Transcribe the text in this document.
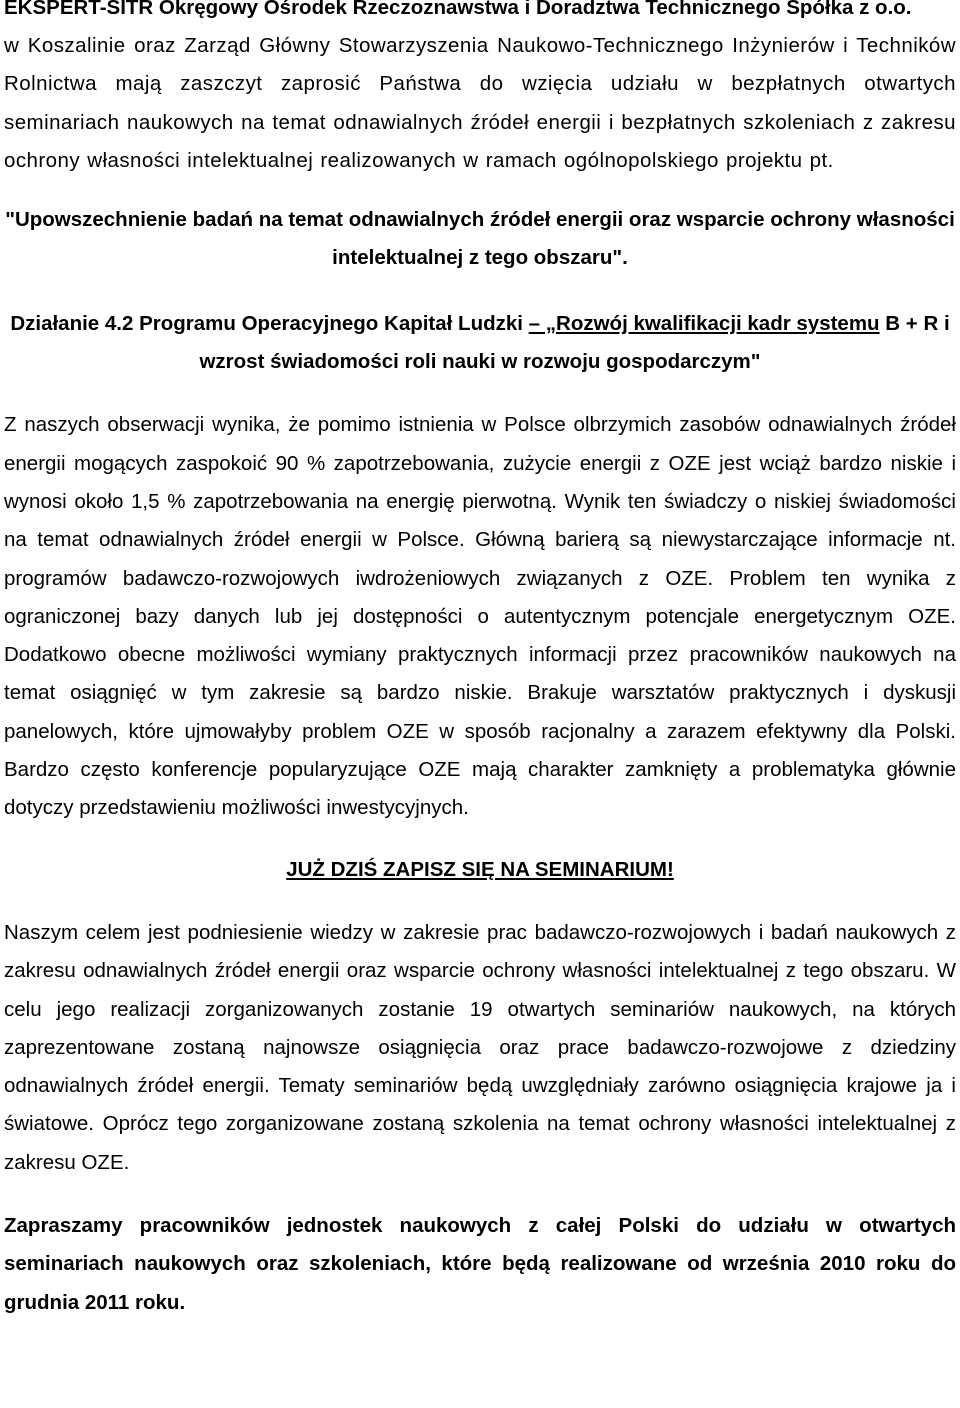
EKSPERT-SITR Okręgowy Ośrodek Rzeczoznawstwa i Doradztwa Technicznego Spółka z o.o.

w Koszalinie oraz Zarząd Główny Stowarzyszenia Naukowo-Technicznego Inżynierów i Techników Rolnictwa mają zaszczyt zaprosić Państwa do wzięcia udziału w bezpłatnych otwartych seminariach naukowych na temat odnawialnych źródeł energii i bezpłatnych szkoleniach z zakresu ochrony własności intelektualnej realizowanych w ramach ogólnopolskiego projektu pt.

"Upowszechnienie badań na temat odnawialnych źródeł energii oraz wsparcie ochrony własności intelektualnej z tego obszaru".

Działanie 4.2 Programu Operacyjnego Kapitał Ludzki – „Rozwój kwalifikacji kadr systemu B + R i wzrost świadomości roli nauki w rozwoju gospodarczym"

Z naszych obserwacji wynika, że pomimo istnienia w Polsce olbrzymich zasobów odnawialnych źródeł energii mogących zaspokoić 90 % zapotrzebowania, zużycie energii z OZE jest wciąż bardzo niskie i wynosi około 1,5 % zapotrzebowania na energię pierwotną. Wynik ten świadczy o niskiej świadomości na temat odnawialnych źródeł energii w Polsce. Główną barierą są niewystarczające informacje nt. programów badawczo-rozwojowych iwdrożeniowych związanych z OZE. Problem ten wynika z ograniczonej bazy danych lub jej dostępności o autentycznym potencjale energetycznym OZE. Dodatkowo obecne możliwości wymiany praktycznych informacji przez pracowników naukowych na temat osiągnięć w tym zakresie są bardzo niskie. Brakuje warsztatów praktycznych i dyskusji panelowych, które ujmowałyby problem OZE w sposób racjonalny a zarazem efektywny dla Polski. Bardzo często konferencje popularyzujące OZE mają charakter zamknięty a problematyka głównie dotyczy przedstawieniu możliwości inwestycyjnych.

JUŻ DZIŚ ZAPISZ SIĘ NA SEMINARIUM!

Naszym celem jest podniesienie wiedzy w zakresie prac badawczo-rozwojowych i badań naukowych z zakresu odnawialnych źródeł energii oraz wsparcie ochrony własności intelektualnej z tego obszaru. W celu jego realizacji zorganizowanych zostanie 19 otwartych seminariów naukowych, na których zaprezentowane zostaną najnowsze osiągnięcia oraz prace badawczo-rozwojowe z dziedziny odnawialnych źródeł energii. Tematy seminariów będą uwzględniały zarówno osiągnięcia krajowe ja i światowe. Oprócz tego zorganizowane zostaną szkolenia na temat ochrony własności intelektualnej z zakresu OZE.

Zapraszamy pracowników jednostek naukowych z całej Polski do udziału w otwartych seminariach naukowych oraz szkoleniach, które będą realizowane od września 2010 roku do grudnia 2011 roku.
